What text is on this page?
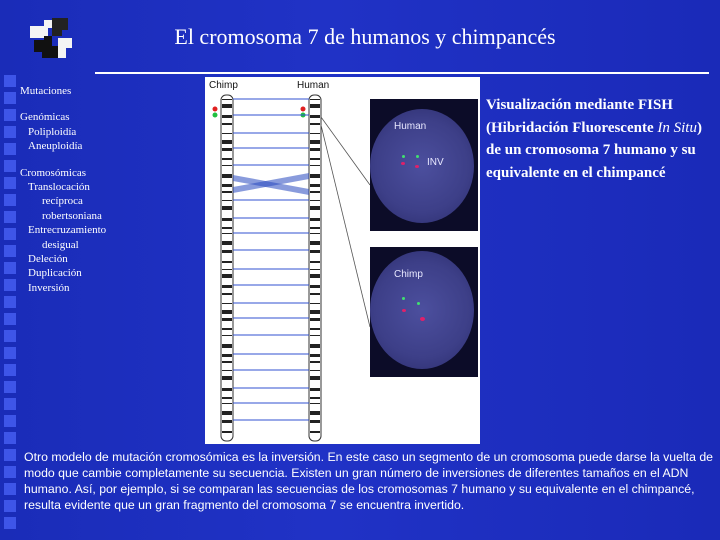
El cromosoma 7 de humanos y chimpancés
Mutaciones
Genómicas
Poliploidía
Aneuploidía
Cromosómicas
Translocación
recíproca
robertsoniana
Entrecruzamiento
desigual
Deleción
Duplicación
Inversión
Chimp	Human
Human
INV
Chimp
Visualización mediante FISH (Hibridación Fluorescente In Situ) de un cromosoma 7 humano y su equivalente en el chimpancé
Otro modelo de mutación cromosómica es la inversión. En este caso un segmento de un cromosoma puede darse la vuelta de modo que cambie completamente su secuencia. Existen un gran número de inversiones de diferentes tamaños en el ADN humano. Así, por ejemplo, si se comparan las secuencias de los cromosomas 7 humano y su equivalente en el chimpancé, resulta evidente que un gran fragmento del cromosoma 7 se encuentra invertido.
